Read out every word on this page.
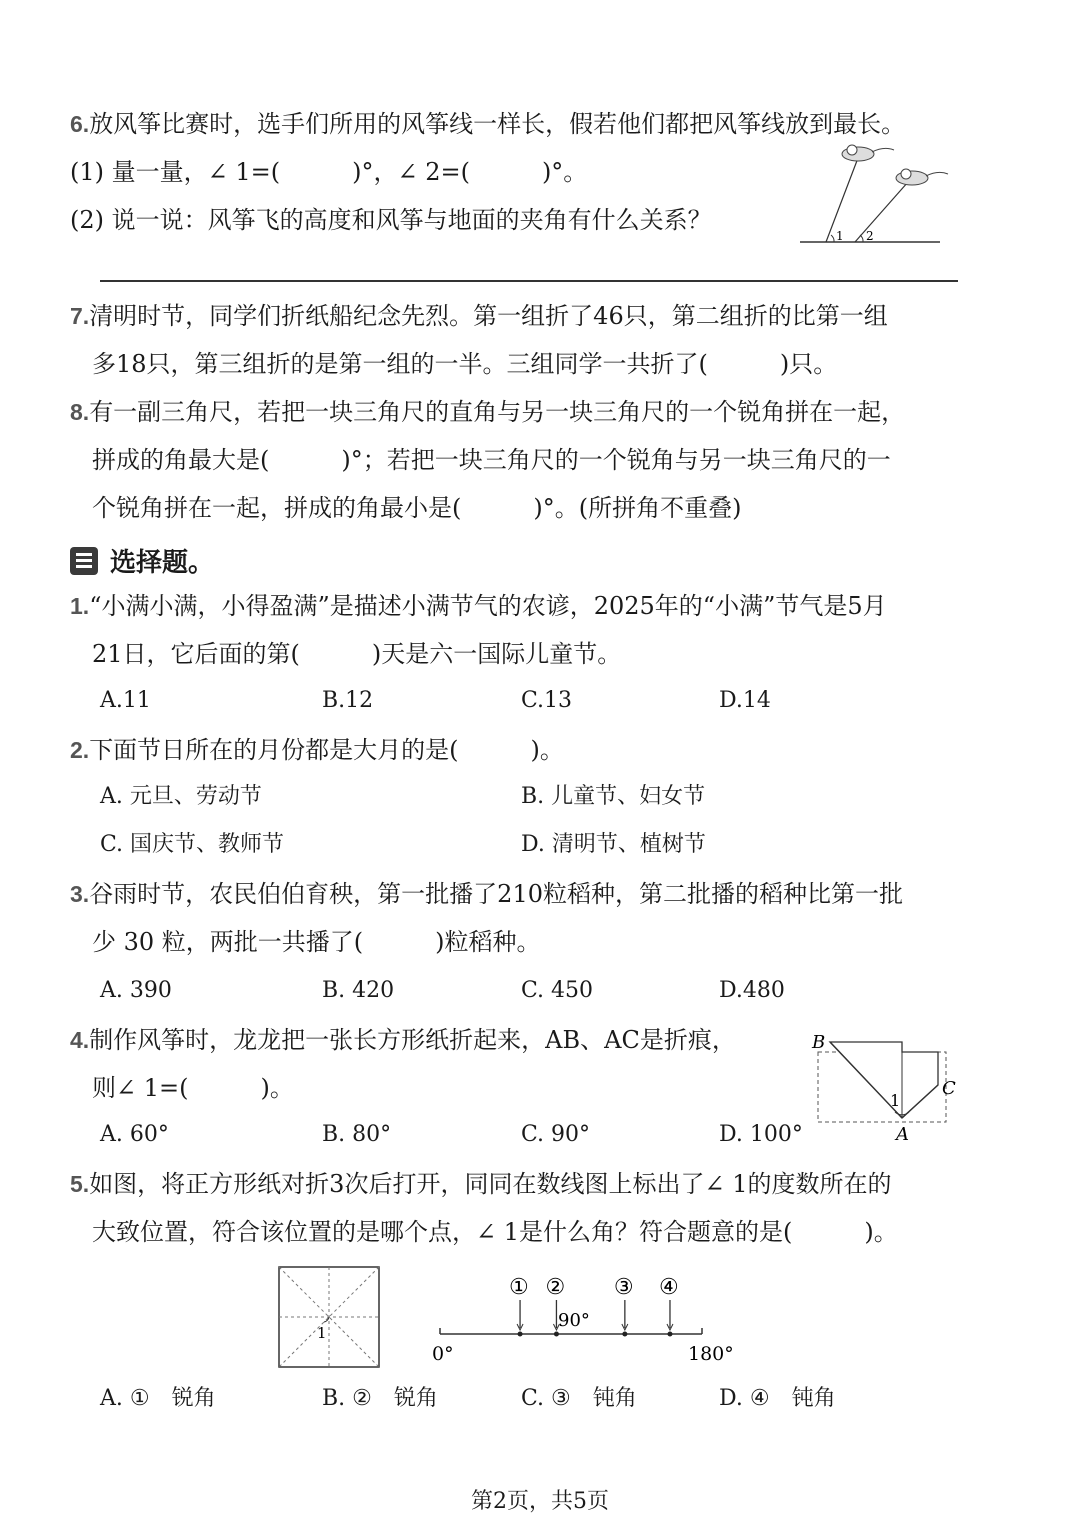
6.放风筝比赛时，选手们所用的风筝线一样长，假若他们都把风筝线放到最长。
(1) 量一量，∠ 1=(　　　)°，∠ 2=(　　　)°。
(2) 说一说：风筝飞的高度和风筝与地面的夹角有什么关系？
1 2
7.清明时节，同学们折纸船纪念先烈。第一组折了46只，第二组折的比第一组
多18只，第三组折的是第一组的一半。三组同学一共折了(　　　)只。
8.有一副三角尺，若把一块三角尺的直角与另一块三角尺的一个锐角拼在一起，
拼成的角最大是(　　　)°；若把一块三角尺的一个锐角与另一块三角尺的一
个锐角拼在一起，拼成的角最小是(　　　)°。(所拼角不重叠)
选择题。
1.“小满小满，小得盈满”是描述小满节气的农谚，2025年的“小满”节气是5月
21日，它后面的第(　　　)天是六一国际儿童节。
A.11	B.12	C.13	D.14
2.下面节日所在的月份都是大月的是(　　　)。
A. 元旦、劳动节	B. 儿童节、妇女节
C. 国庆节、教师节	D. 清明节、植树节
3.谷雨时节，农民伯伯育秧，第一批播了210粒稻种，第二批播的稻种比第一批
少 30 粒，两批一共播了(　　　)粒稻种。
A. 390	B. 420	C. 450	D.480
4.制作风筝时，龙龙把一张长方形纸折起来，AB、AC是折痕，
则∠ 1=(　　　)。
A. 60°	B. 80°	C. 90°	D. 100°
B
C
A
1
5.如图，将正方形纸对折3次后打开，同同在数线图上标出了∠ 1的度数所在的
大致位置，符合该位置的是哪个点，∠ 1是什么角？符合题意的是(　　　)。
1
0°	180°
90°
① ② ③ ④
A. ①　锐角	B. ②　锐角	C. ③　钝角	D. ④　钝角
第2页，共5页
